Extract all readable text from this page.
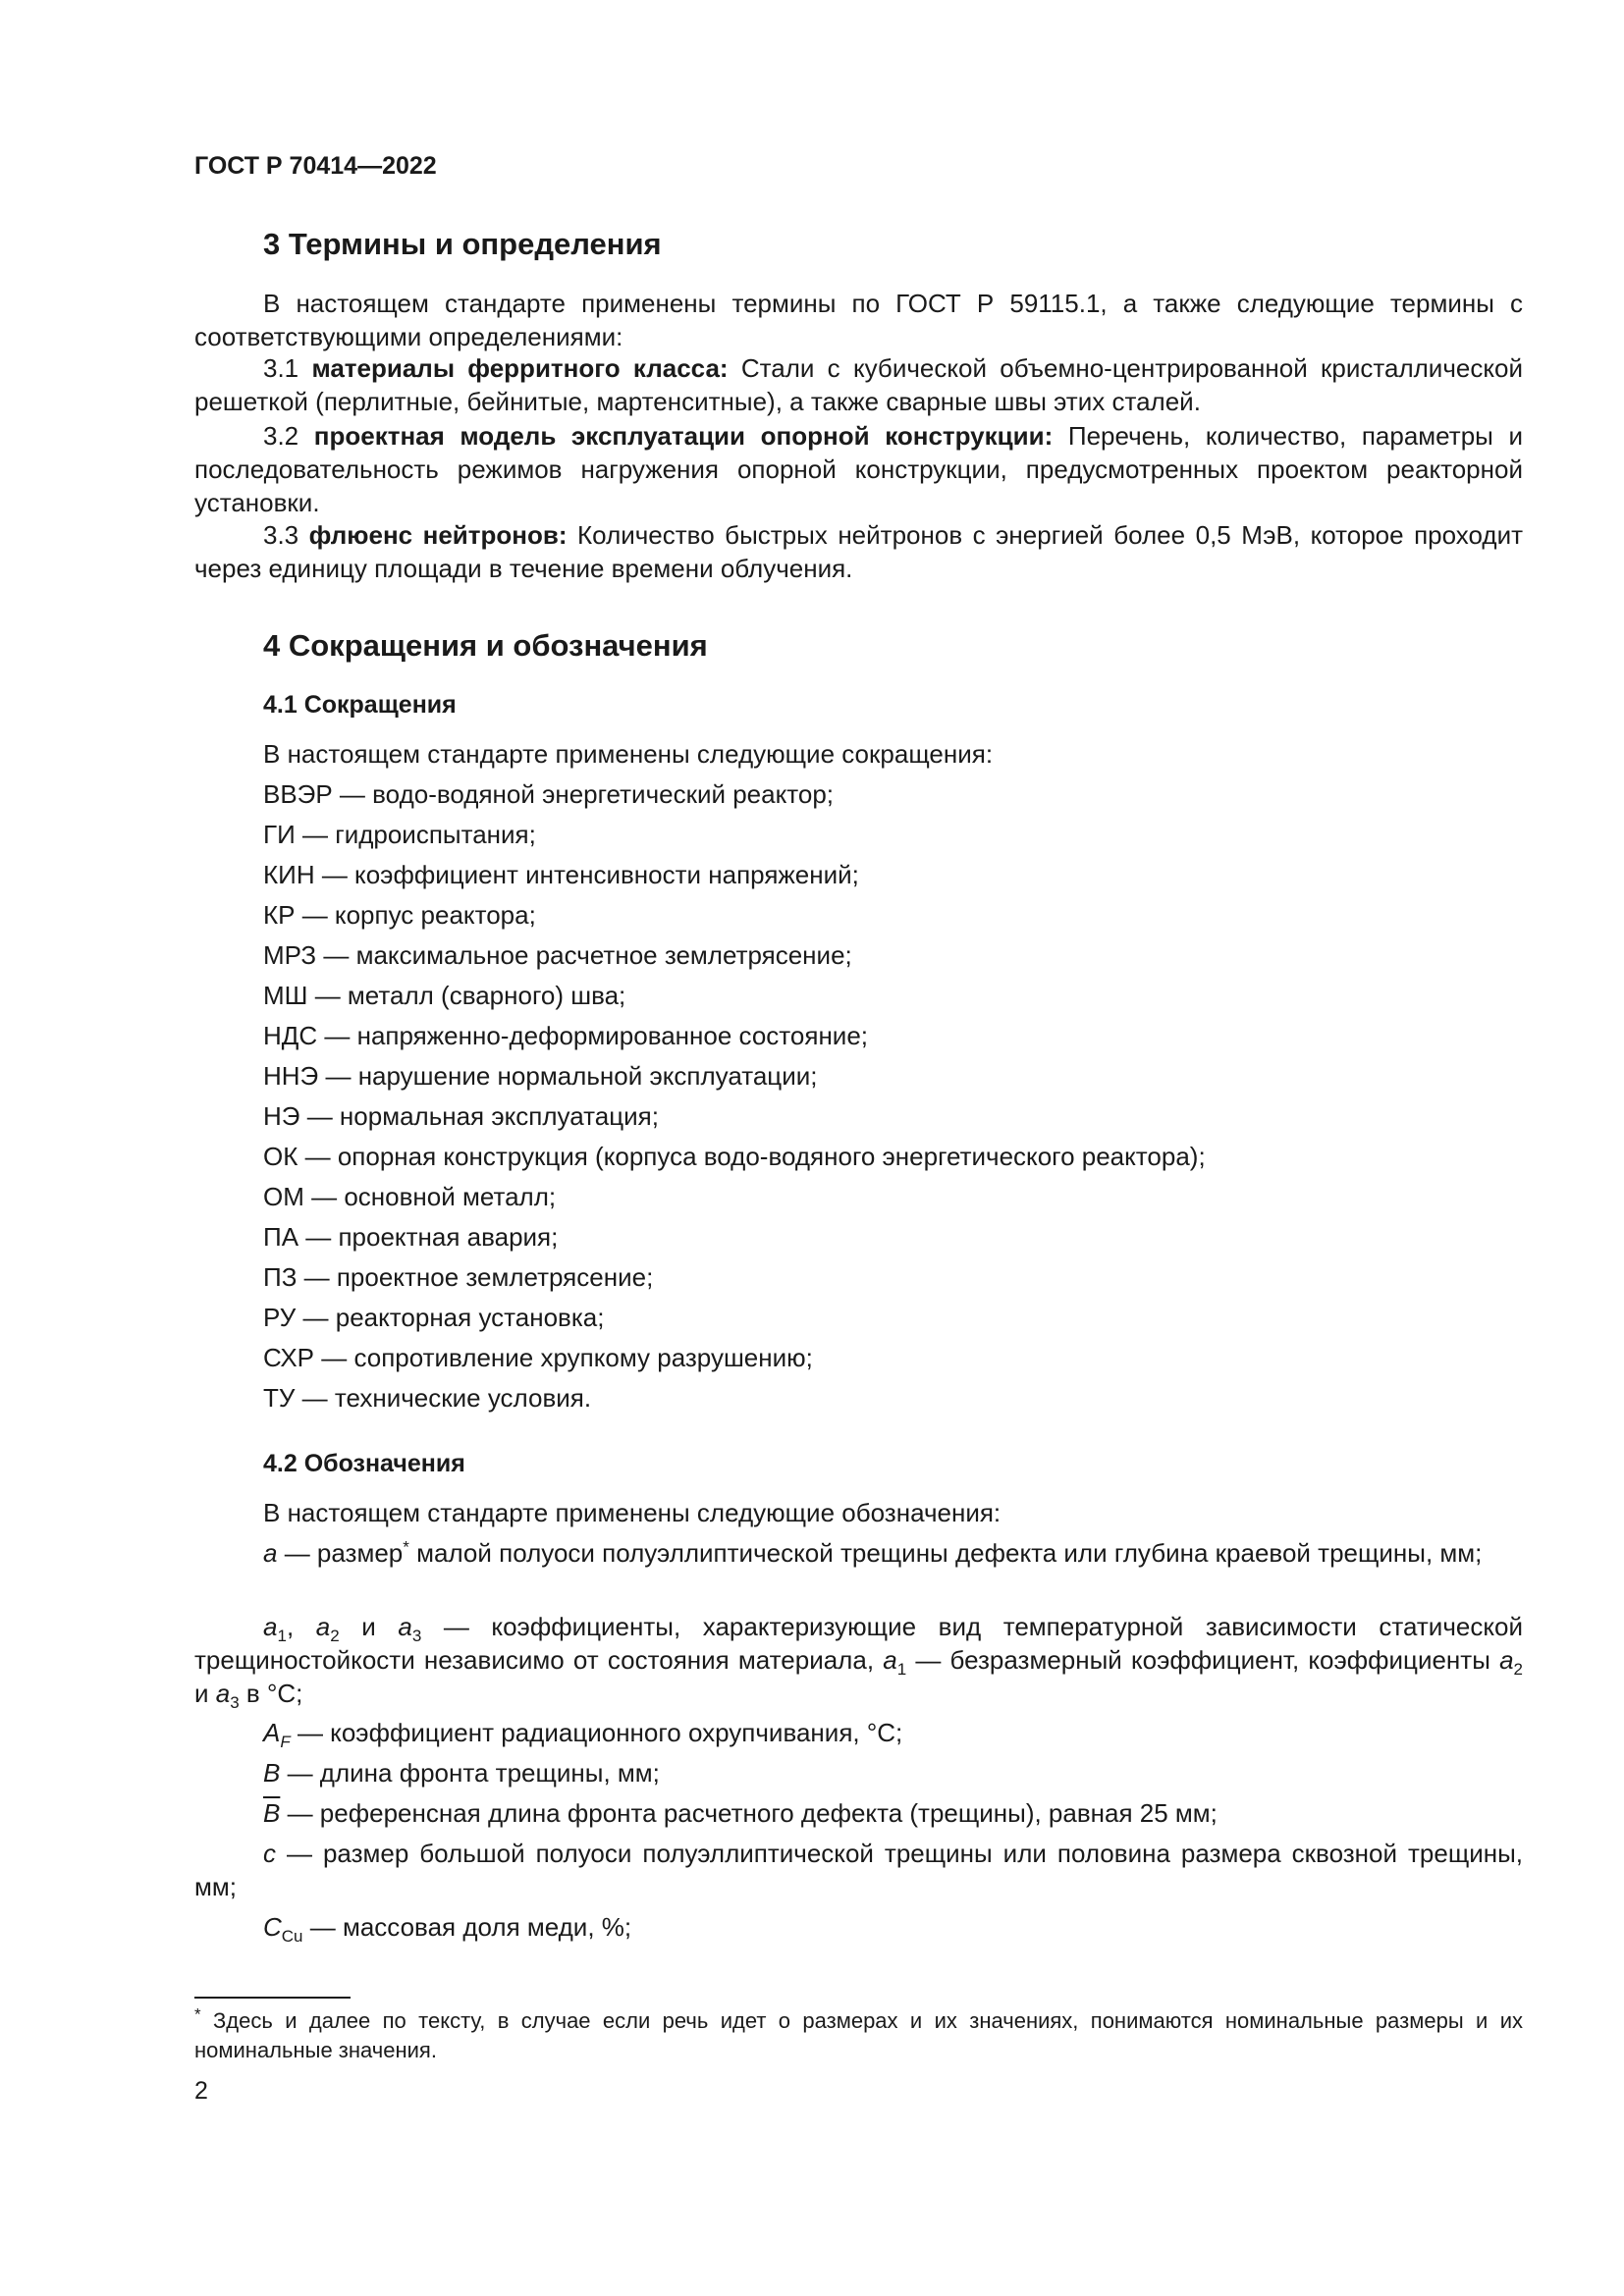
ГОСТ Р 70414—2022
3 Термины и определения
В настоящем стандарте применены термины по ГОСТ Р 59115.1, а также следующие термины с соответствующими определениями:
3.1 материалы ферритного класса: Стали с кубической объемно-центрированной кристаллической решеткой (перлитные, бейнитые, мартенситные), а также сварные швы этих сталей.
3.2 проектная модель эксплуатации опорной конструкции: Перечень, количество, параметры и последовательность режимов нагружения опорной конструкции, предусмотренных проектом реакторной установки.
3.3 флюенс нейтронов: Количество быстрых нейтронов с энергией более 0,5 МэВ, которое проходит через единицу площади в течение времени облучения.
4 Сокращения и обозначения
4.1 Сокращения
В настоящем стандарте применены следующие сокращения:
ВВЭР — водо-водяной энергетический реактор;
ГИ — гидроиспытания;
КИН — коэффициент интенсивности напряжений;
КР — корпус реактора;
МРЗ — максимальное расчетное землетрясение;
МШ — металл (сварного) шва;
НДС — напряженно-деформированное состояние;
ННЭ — нарушение нормальной эксплуатации;
НЭ — нормальная эксплуатация;
ОК — опорная конструкция (корпуса водо-водяного энергетического реактора);
ОМ — основной металл;
ПА — проектная авария;
ПЗ — проектное землетрясение;
РУ — реакторная установка;
СХР — сопротивление хрупкому разрушению;
ТУ — технические условия.
4.2 Обозначения
В настоящем стандарте применены следующие обозначения:
a — размер* малой полуоси полуэллиптической трещины дефекта или глубина краевой трещины, мм;
$a_1$, $a_2$ и $a_3$ — коэффициенты, характеризующие вид температурной зависимости статической трещиностойкости независимо от состояния материала, $a_1$ — безразмерный коэффициент, коэффициенты $a_2$ и $a_3$ в °С;
$A_F$ — коэффициент радиационного охрупчивания, °С;
B — длина фронта трещины, мм;
$\overline{B}$ — референсная длина фронта расчетного дефекта (трещины), равная 25 мм;
c — размер большой полуоси полуэллиптической трещины или половина размера сквозной трещины, мм;
$C_{Cu}$ — массовая доля меди, %;
* Здесь и далее по тексту, в случае если речь идет о размерах и их значениях, понимаются номинальные размеры и их номинальные значения.
2
